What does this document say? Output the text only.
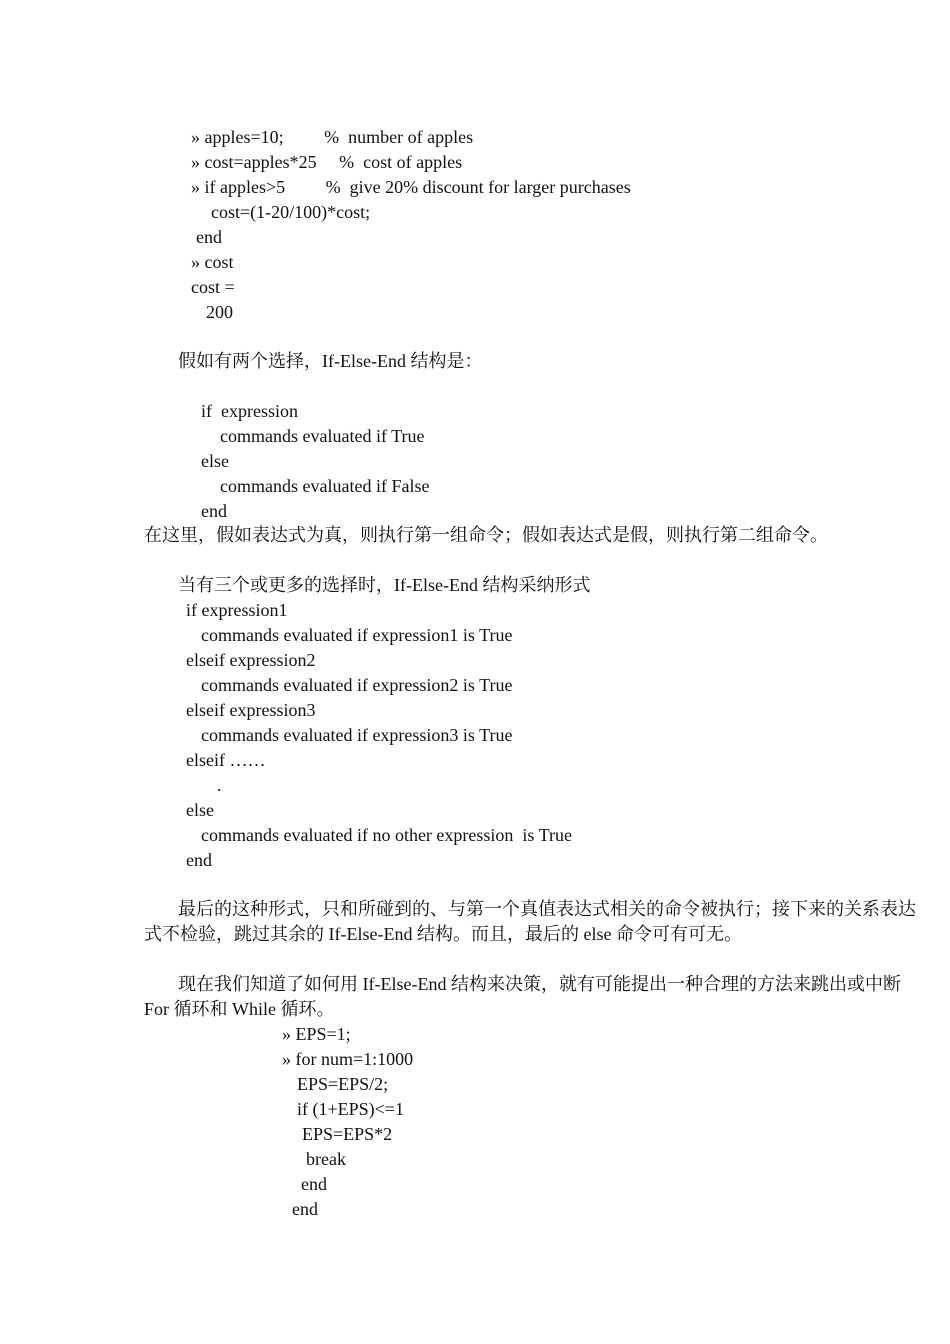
» apples=10;         %  number of apples
» cost=apples*25     %  cost of apples
» if apples>5         %  give 20% discount for larger purchases
cost=(1-20/100)*cost;
end
» cost
cost =
200
假如有两个选择，If-Else-End 结构是：
if  expression
commands evaluated if True
else
commands evaluated if False
end
在这里，假如表达式为真，则执行第一组命令；假如表达式是假，则执行第二组命令。
当有三个或更多的选择时，If-Else-End 结构采纳形式
if expression1
commands evaluated if expression1 is True
elseif expression2
commands evaluated if expression2 is True
elseif expression3
commands evaluated if expression3 is True
elseif ……
.
else
commands evaluated if no other expression  is True
end
最后的这种形式，只和所碰到的、与第一个真值表达式相关的命令被执行；接下来的关系表达
式不检验，跳过其余的 If-Else-End 结构。而且，最后的 else 命令可有可无。
现在我们知道了如何用 If-Else-End 结构来决策，就有可能提出一种合理的方法来跳出或中断
For 循环和 While 循环。
» EPS=1;
» for num=1:1000
EPS=EPS/2;
if (1+EPS)<=1
EPS=EPS*2
break
end
end
